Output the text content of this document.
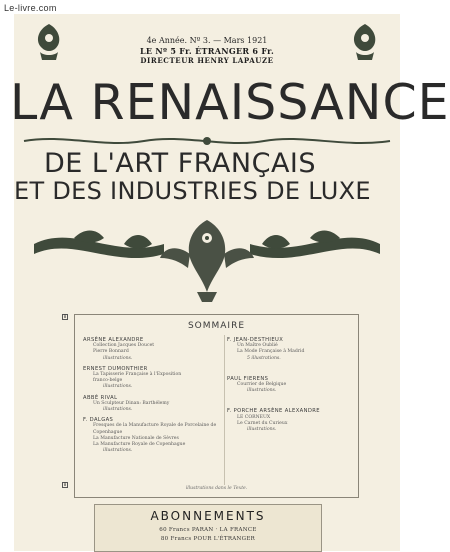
Le-livre.com
4e Année. Nº 3. — Mars 1921
LE Nº 5 Fr. ÉTRANGER 6 Fr.
DIRECTEUR HENRY LAPAUZE
LA RENAISSANCE
DE L'ART FRANÇAIS
ET DES INDUSTRIES DE LUXE
8
8
SOMMAIRE
ARSÈNE ALEXANDRE
Collection Jacques Doucet
Pierre Bonnard
illustrations.
ERNEST DUMONTHIER
La Tapisserie Française à l'Exposition
franco-belge
illustrations.
ABBÉ RIVAL
Un Sculpteur Dinan: Barthélemy
illustrations.
F. DALGAS
Fresques de la Manufacture Royale de Porcelaine de Copenhague
La Manufacture Nationale de Sèvres
La Manufacture Royale de Copenhague
illustrations.
F. JEAN-DESTHIEUX
Un Maître Oublié
La Mode Française à Madrid
5 illustrations.
PAUL FIERENS
Courrier de Belgique
illustrations.
F. PORCHE ARSÈNE ALEXANDRE
LE CORNEUX
Le Carnet du Curieux
illustrations.
illustrations dans le Texte.
ABONNEMENTS
60 Francs PARAN · LA FRANCE
80 Francs POUR L'ÉTRANGER
